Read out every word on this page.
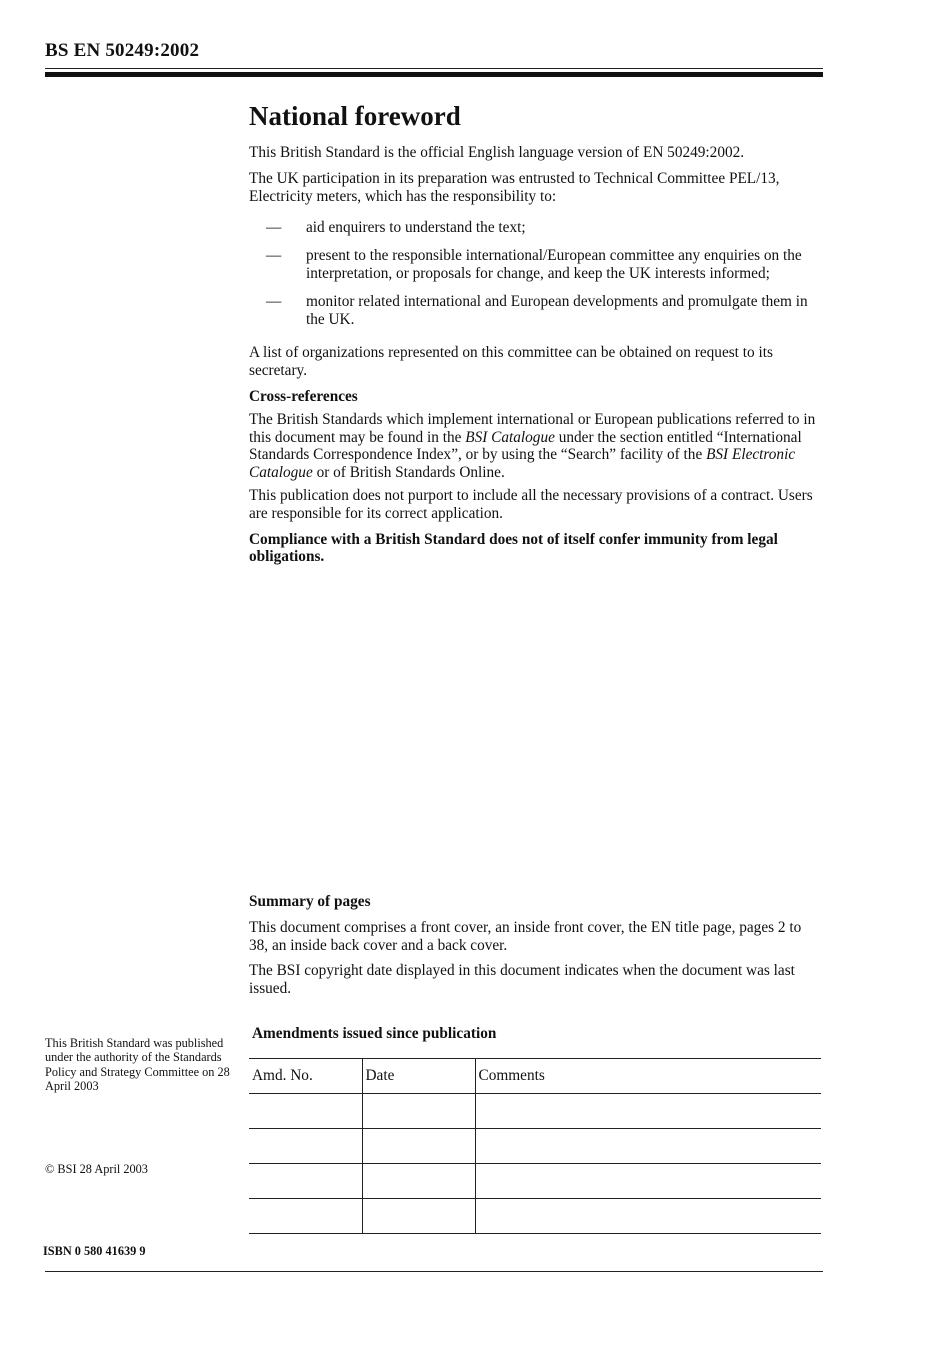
BS EN 50249:2002
National foreword

This British Standard is the official English language version of EN 50249:2002.

The UK participation in its preparation was entrusted to Technical Committee PEL/13, Electricity meters, which has the responsibility to:

— aid enquirers to understand the text;
— present to the responsible international/European committee any enquiries on the interpretation, or proposals for change, and keep the UK interests informed;
— monitor related international and European developments and promulgate them in the UK.

A list of organizations represented on this committee can be obtained on request to its secretary.

Cross-references

The British Standards which implement international or European publications referred to in this document may be found in the BSI Catalogue under the section entitled “International Standards Correspondence Index”, or by using the “Search” facility of the BSI Electronic Catalogue or of British Standards Online.

This publication does not purport to include all the necessary provisions of a contract. Users are responsible for its correct application.

Compliance with a British Standard does not of itself confer immunity from legal obligations.

Summary of pages

This document comprises a front cover, an inside front cover, the EN title page, pages 2 to 38, an inside back cover and a back cover.

The BSI copyright date displayed in this document indicates when the document was last issued.

This British Standard was published under the authority of the Standards Policy and Strategy Committee on 28 April 2003
© BSI 28 April 2003
Amendments issued since publication
Amd. No.	Date	Comments

ISBN 0 580 41639 9
